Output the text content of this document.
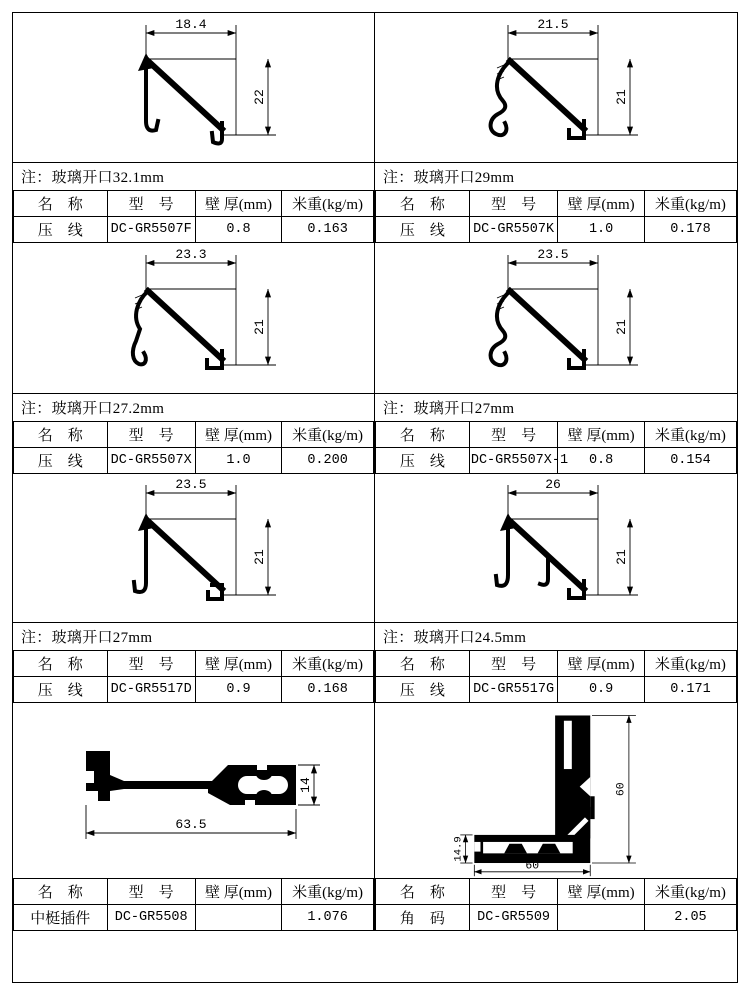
18.4
22
注：玻璃开口32.1mm
名　称	型　号	壁 厚(mm)	米重(kg/m)
压　线	DC-GR5507F	0.8	0.163
21.5
21
注：玻璃开口29mm
名　称	型　号	壁 厚(mm)	米重(kg/m)
压　线	DC-GR5507K	1.0	0.178
23.3
21
注：玻璃开口27.2mm
名　称	型　号	壁 厚(mm)	米重(kg/m)
压　线	DC-GR5507X	1.0	0.200
23.5
21
注：玻璃开口27mm
名　称	型　号	壁 厚(mm)	米重(kg/m)
压　线	DC-GR5507X-1	0.8	0.154
23.5
21
注：玻璃开口27mm
名　称	型　号	壁 厚(mm)	米重(kg/m)
压　线	DC-GR5517D	0.9	0.168
26
21
注：玻璃开口24.5mm
名　称	型　号	壁 厚(mm)	米重(kg/m)
压　线	DC-GR5517G	0.9	0.171
63.5
14
名　称	型　号	壁 厚(mm)	米重(kg/m)
中梃插件	DC-GR5508		1.076
60
60
14.9
名　称	型　号	壁 厚(mm)	米重(kg/m)
角　码	DC-GR5509		2.05
